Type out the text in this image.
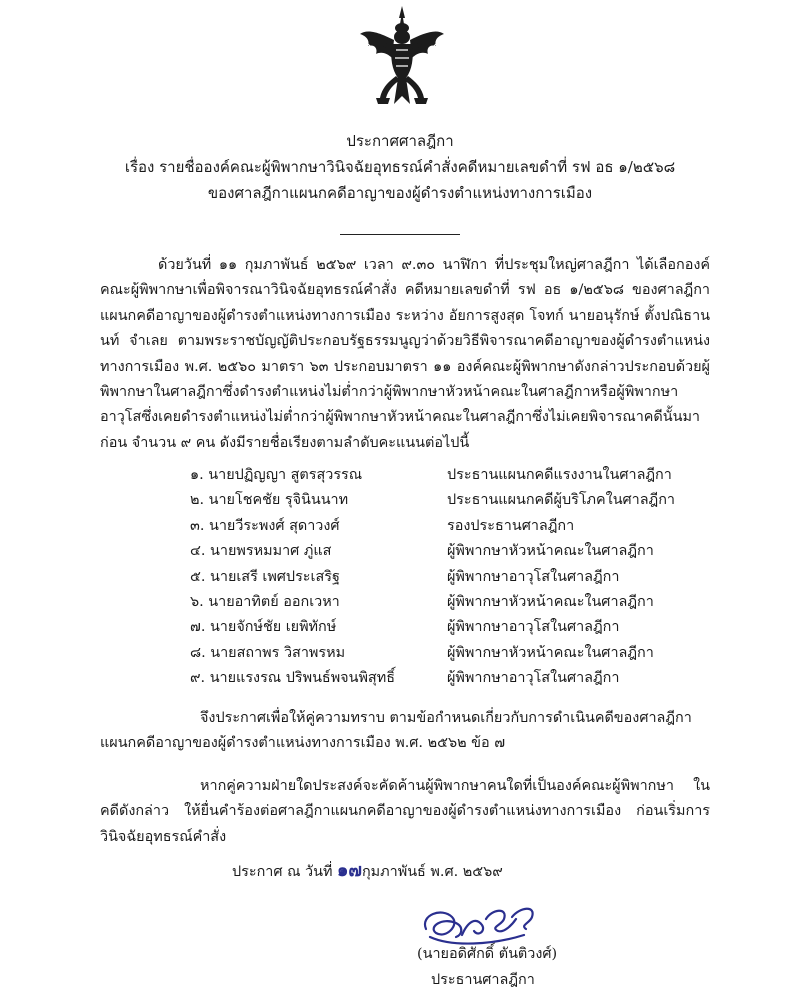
ประกาศศาลฎีกา
เรื่อง รายชื่อองค์คณะผู้พิพากษาวินิจฉัยอุทธรณ์คำสั่งคดีหมายเลขดำที่ รฟ อธ ๑/๒๕๖๘
ของศาลฎีกาแผนกคดีอาญาของผู้ดำรงตำแหน่งทางการเมือง
ด้วยวันที่ ๑๑ กุมภาพันธ์ ๒๕๖๙ เวลา ๙.๓๐ นาฬิกา ที่ประชุมใหญ่ศาลฎีกา ได้เลือกองค์คณะผู้พิพากษาเพื่อพิจารณาวินิจฉัยอุทธรณ์คำสั่ง คดีหมายเลขดำที่ รฟ อธ ๑/๒๕๖๘ ของศาลฎีกาแผนกคดีอาญาของผู้ดำรงตำแหน่งทางการเมือง ระหว่าง อัยการสูงสุด โจทก์ นายอนุรักษ์ ตั้งปณิธานนท์ จำเลย ตามพระราชบัญญัติประกอบรัฐธรรมนูญว่าด้วยวิธีพิจารณาคดีอาญาของผู้ดำรงตำแหน่งทางการเมือง พ.ศ. ๒๕๖๐ มาตรา ๖๓ ประกอบมาตรา ๑๑ องค์คณะผู้พิพากษาดังกล่าวประกอบด้วยผู้พิพากษาในศาลฎีกาซึ่งดำรงตำแหน่งไม่ต่ำกว่าผู้พิพากษาหัวหน้าคณะในศาลฎีกาหรือผู้พิพากษาอาวุโสซึ่งเคยดำรงตำแหน่งไม่ต่ำกว่าผู้พิพากษาหัวหน้าคณะในศาลฎีกาซึ่งไม่เคยพิจารณาคดีนั้นมาก่อน จำนวน ๙ คน ดังมีรายชื่อเรียงตามลำดับคะแนนต่อไปนี้
๑. นายปฏิญญา สูตรสุวรรณ	ประธานแผนกคดีแรงงานในศาลฎีกา
๒. นายโชคชัย รุจินินนาท	ประธานแผนกคดีผู้บริโภคในศาลฎีกา
๓. นายวีระพงศ์ สุดาวงศ์	รองประธานศาลฎีกา
๔. นายพรหมมาศ ภู่แส	ผู้พิพากษาหัวหน้าคณะในศาลฎีกา
๕. นายเสรี เพศประเสริฐ	ผู้พิพากษาอาวุโสในศาลฎีกา
๖. นายอาทิตย์ ออกเวหา	ผู้พิพากษาหัวหน้าคณะในศาลฎีกา
๗. นายจักษ์ชัย เยพิทักษ์	ผู้พิพากษาอาวุโสในศาลฎีกา
๘. นายสถาพร วิสาพรหม	ผู้พิพากษาหัวหน้าคณะในศาลฎีกา
๙. นายแรงรณ ปริพนธ์พจนพิสุทธิ์	ผู้พิพากษาอาวุโสในศาลฎีกา
จึงประกาศเพื่อให้คู่ความทราบ ตามข้อกำหนดเกี่ยวกับการดำเนินคดีของศาลฎีกา
แผนกคดีอาญาของผู้ดำรงตำแหน่งทางการเมือง พ.ศ. ๒๕๖๒ ข้อ ๗
หากคู่ความฝ่ายใดประสงค์จะคัดค้านผู้พิพากษาคนใดที่เป็นองค์คณะผู้พิพากษา ในคดีดังกล่าว ให้ยื่นคำร้องต่อศาลฎีกาแผนกคดีอาญาของผู้ดำรงตำแหน่งทางการเมือง ก่อนเริ่มการวินิจฉัยอุทธรณ์คำสั่ง
ประกาศ ณ วันที่ ๑๗กุมภาพันธ์ พ.ศ. ๒๕๖๙
(นายอดิศักดิ์ ตันติวงศ์)
ประธานศาลฎีกา
